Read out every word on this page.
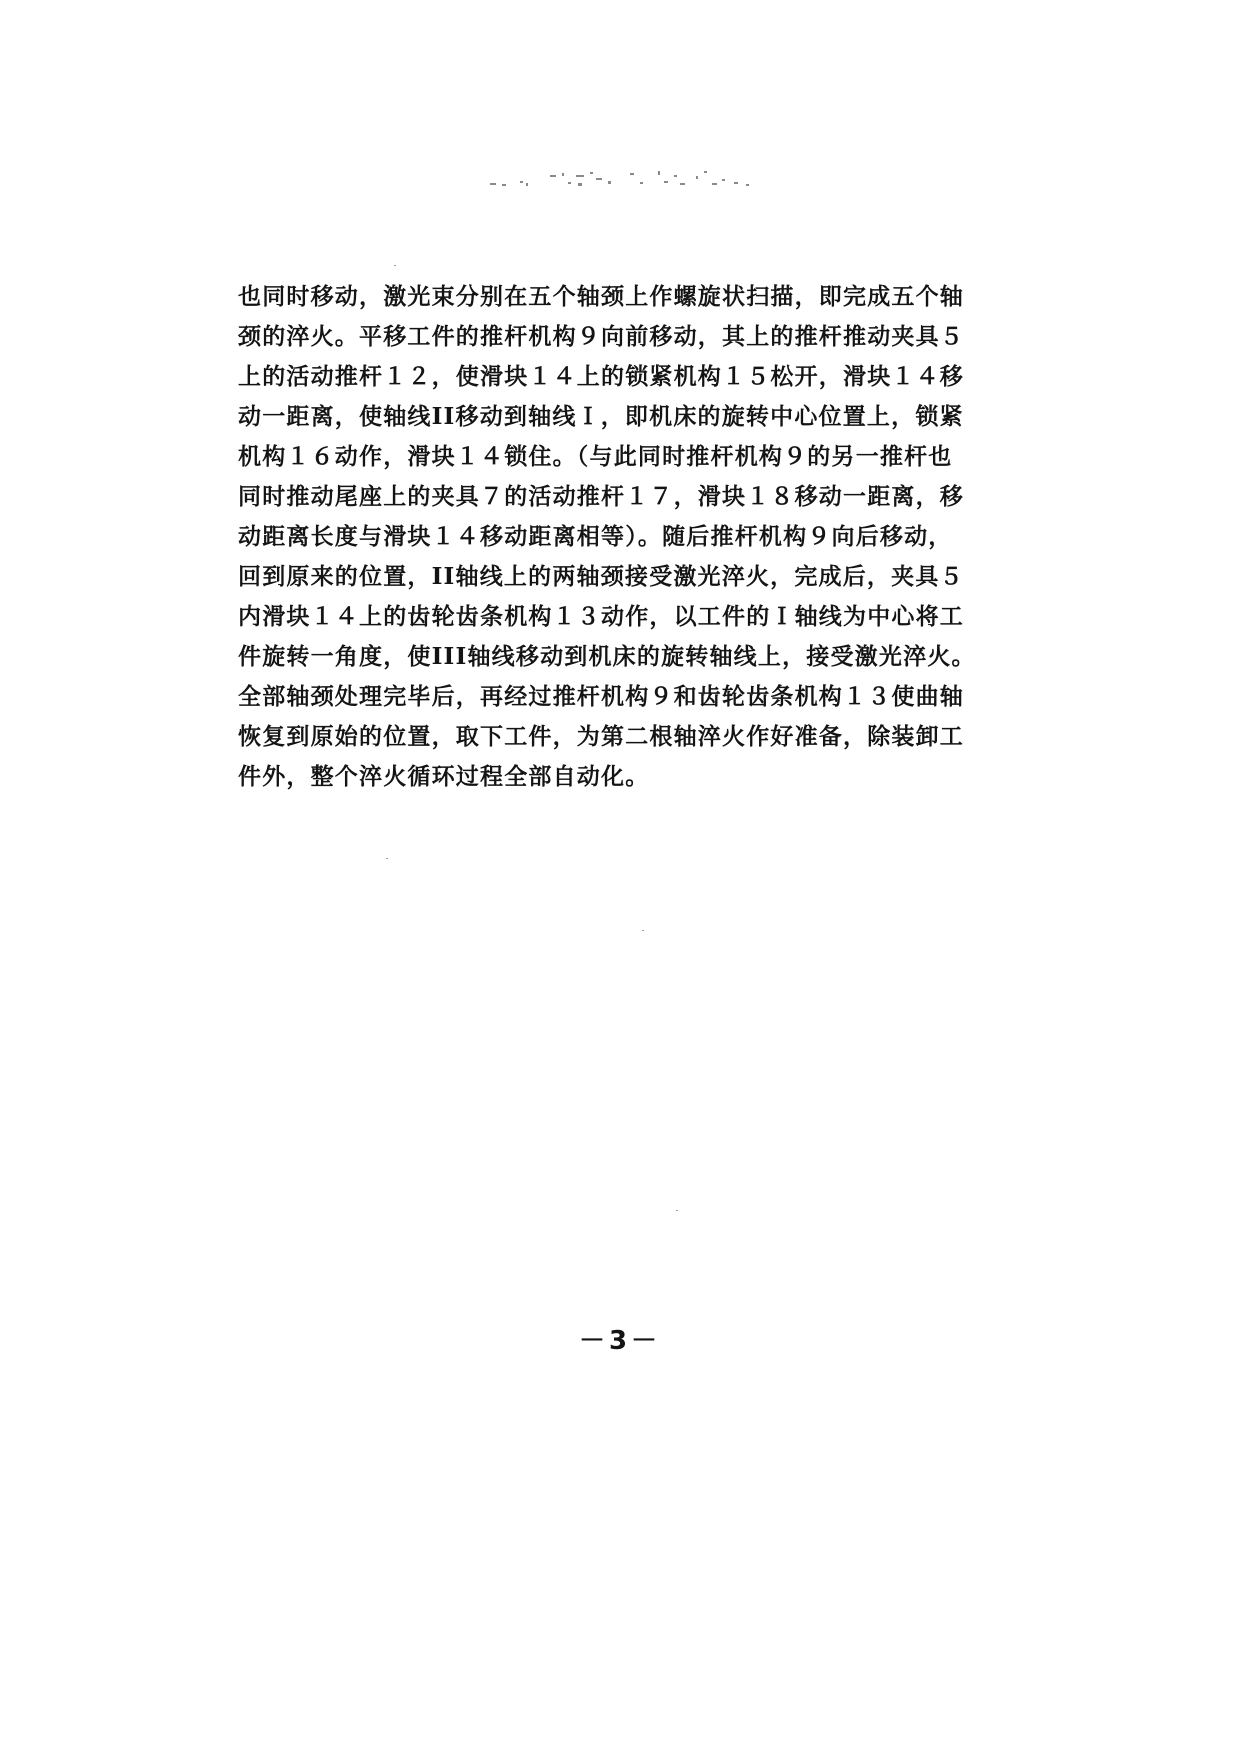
也同时移动，激光束分别在五个轴颈上作螺旋状扫描，即完成五个轴
颈的淬火。平移工件的推杆机构９向前移动，其上的推杆推动夹具５
上的活动推杆１２，使滑块１４上的锁紧机构１５松开，滑块１４移
动一距离，使轴线II移动到轴线Ｉ，即机床的旋转中心位置上，锁紧
机构１６动作，滑块１４锁住。（与此同时推杆机构９的另一推杆也
同时推动尾座上的夹具７的活动推杆１７，滑块１８移动一距离，移
动距离长度与滑块１４移动距离相等）。随后推杆机构９向后移动，
回到原来的位置，II轴线上的两轴颈接受激光淬火，完成后，夹具５
内滑块１４上的齿轮齿条机构１３动作，以工件的Ｉ轴线为中心将工
件旋转一角度，使III轴线移动到机床的旋转轴线上，接受激光淬火。
全部轴颈处理完毕后，再经过推杆机构９和齿轮齿条机构１３使曲轴
恢复到原始的位置，取下工件，为第二根轴淬火作好准备，除装卸工
件外，整个淬火循环过程全部自动化。
－3－
